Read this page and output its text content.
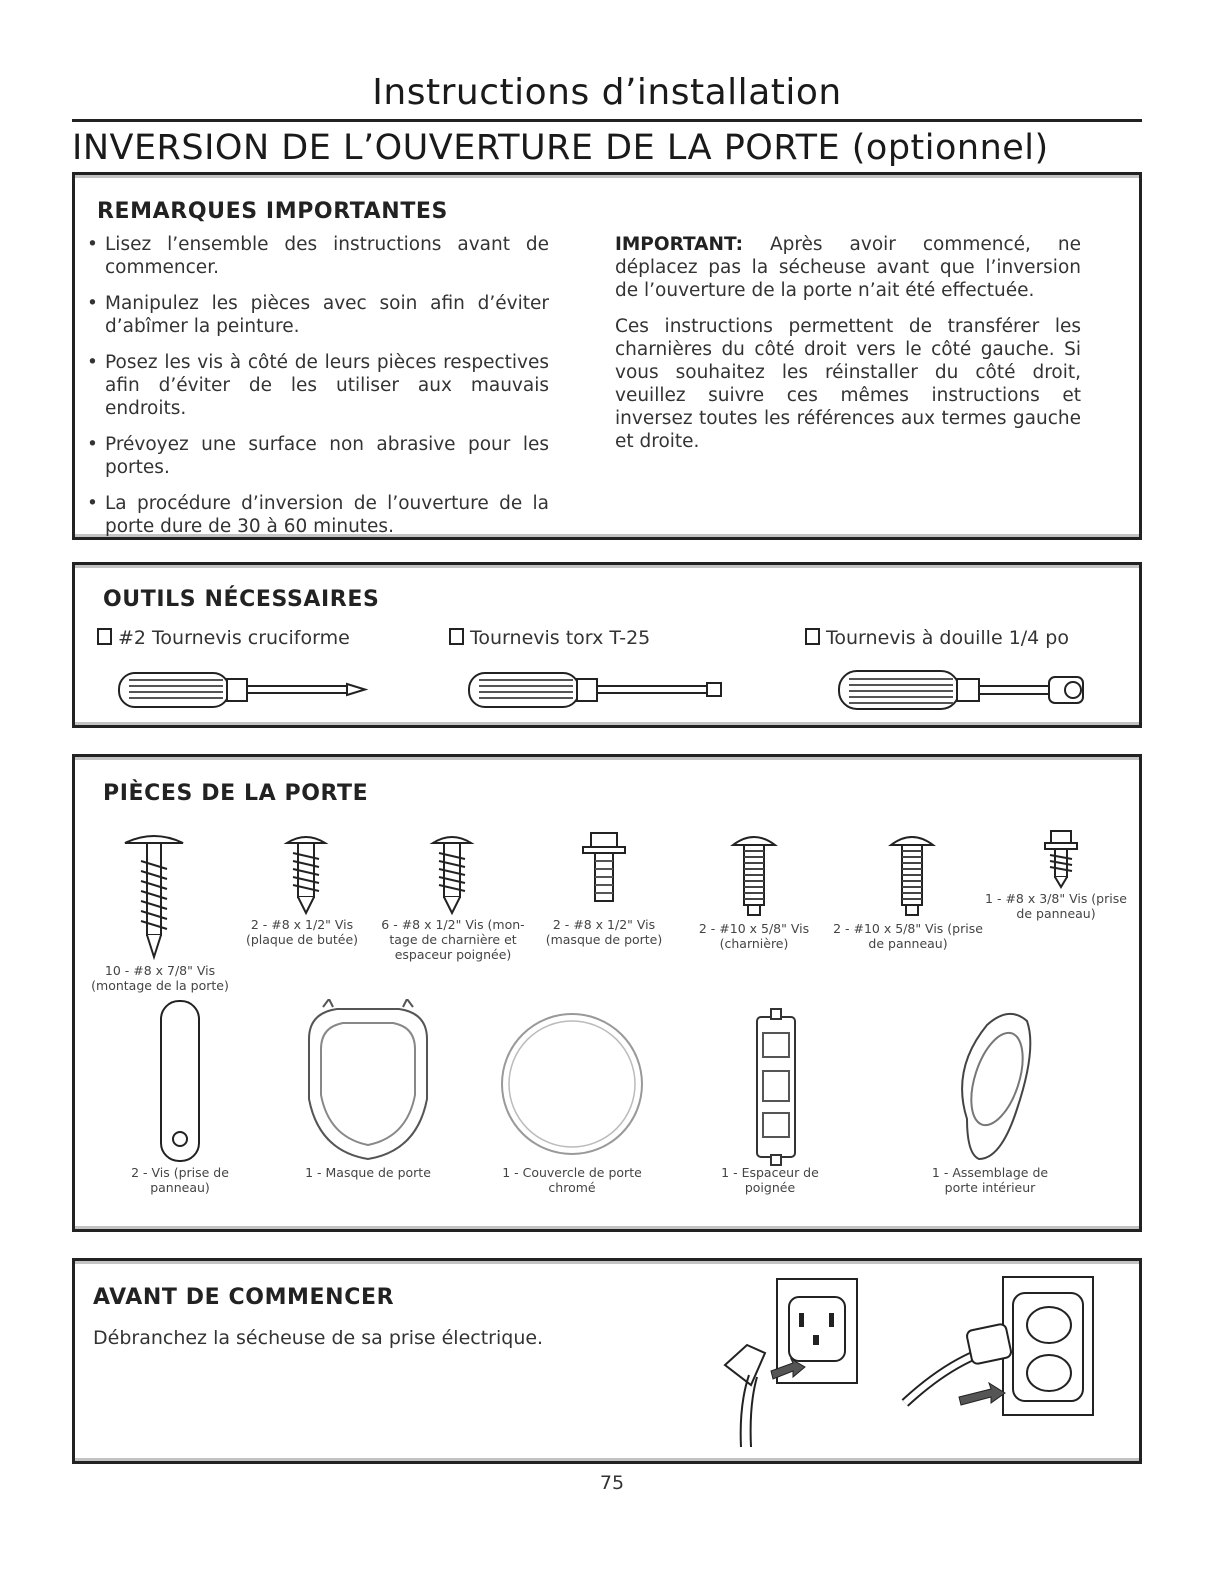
Instructions d’installation
INVERSION DE L’OUVERTURE DE LA PORTE (optionnel)
REMARQUES IMPORTANTES
• Lisez l’ensemble des instructions avant de commencer.
• Manipulez les pièces avec soin afin d’éviter d’abîmer la peinture.
• Posez les vis à côté de leurs pièces respectives afin d’éviter de les utiliser aux mauvais endroits.
• Prévoyez une surface non abrasive pour les portes.
• La procédure d’inversion de l’ouverture de la porte dure de 30 à 60 minutes.

IMPORTANT: Après avoir commencé, ne déplacez pas la sécheuse avant que l’inversion de l’ouverture de la porte n’ait été effectuée.

Ces instructions permettent de transférer les charnières du côté droit vers le côté gauche. Si vous souhaitez les réinstaller du côté droit, veuillez suivre ces mêmes instructions et inversez toutes les références aux termes gauche et droite.

OUTILS NÉCESSAIRES
#2 Tournevis cruciforme	Tournevis torx T-25	Tournevis à douille 1/4 po
PIÈCES DE LA PORTE
10 - #8 x 7/8" Vis
(montage de la porte)
2 - #8 x 1/2" Vis
(plaque de butée)
6 - #8 x 1/2" Vis (mon-
tage de charnière et
espaceur poignée)
2 - #8 x 1/2" Vis
(masque de porte)
2 - #10 x 5/8" Vis
(charnière)
2 - #10 x 5/8" Vis (prise
de panneau)
1 - #8 x 3/8" Vis (prise
de panneau)
2 - Vis (prise de
panneau)
1 - Masque de porte	1 - Couvercle de porte
chromé
1 - Espaceur de
poignée
1 - Assemblage de
porte intérieur
AVANT DE COMMENCER
Débranchez la sécheuse de sa prise électrique.
75
